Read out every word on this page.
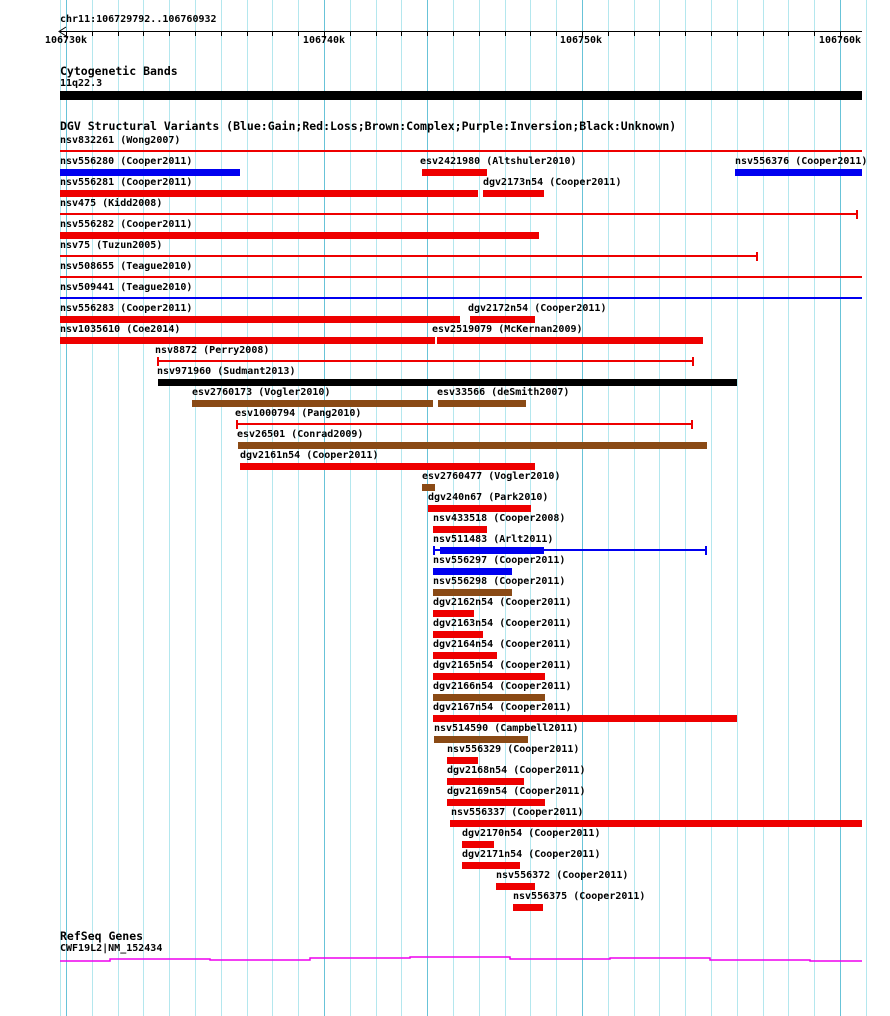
chr11:106729792..106760932
106730k	106740k	106750k	106760k
Cytogenetic Bands
11q22.3
DGV Structural Variants (Blue:Gain;Red:Loss;Brown:Complex;Purple:Inversion;Black:Unknown)
nsv832261 (Wong2007)
nsv556280 (Cooper2011)	esv2421980 (Altshuler2010)	nsv556376 (Cooper2011)
nsv556281 (Cooper2011)	dgv2173n54 (Cooper2011)
nsv475 (Kidd2008)
nsv556282 (Cooper2011)
nsv75 (Tuzun2005)
nsv508655 (Teague2010)
nsv509441 (Teague2010)
nsv556283 (Cooper2011)	dgv2172n54 (Cooper2011)
nsv1035610 (Coe2014)	esv2519079 (McKernan2009)
nsv8872 (Perry2008)
nsv971960 (Sudmant2013)
esv2760173 (Vogler2010)	esv33566 (deSmith2007)
esv1000794 (Pang2010)
esv26501 (Conrad2009)
dgv2161n54 (Cooper2011)
esv2760477 (Vogler2010)
dgv240n67 (Park2010)
nsv433518 (Cooper2008)
nsv511483 (Arlt2011)
nsv556297 (Cooper2011)
nsv556298 (Cooper2011)
dgv2162n54 (Cooper2011)
dgv2163n54 (Cooper2011)
dgv2164n54 (Cooper2011)
dgv2165n54 (Cooper2011)
dgv2166n54 (Cooper2011)
dgv2167n54 (Cooper2011)
nsv514590 (Campbell2011)
nsv556329 (Cooper2011)
dgv2168n54 (Cooper2011)
dgv2169n54 (Cooper2011)
nsv556337 (Cooper2011)
dgv2170n54 (Cooper2011)
dgv2171n54 (Cooper2011)
nsv556372 (Cooper2011)
nsv556375 (Cooper2011)
RefSeq Genes
CWF19L2|NM_152434
